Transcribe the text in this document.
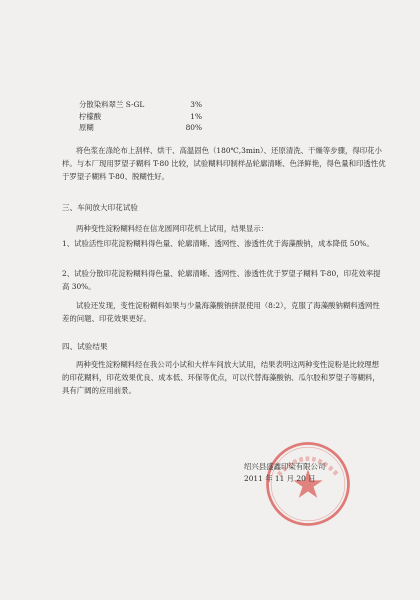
分散染料翠兰 S-GL	3%

柠檬酸	1%

原糊	80%

将色浆在涤纶布上刮样、烘干、高温固色（180℃,3min）、还原清洗、干燥等步骤，得印花小样。与本厂现用罗望子糊料 T-80 比较，试验糊料印制样品轮廓清晰、色泽鲜艳，得色量和印透性优于罗望子糊料 T-80、脱糊性好。

三、车间放大印花试验

两种变性淀粉糊料经在信龙圆网印花机上试用，结果显示：

1、试验活性印花淀粉糊料得色量、轮廓清晰、透网性、渗透性优于海藻酸钠，成本降低 50%。

2、试验分散印花淀粉糊料得色量、轮廓清晰、透网性、渗透性优于罗望子糊料 T-80，印花效率提高 30%。

试验还发现，变性淀粉糊料如果与少量海藻酸钠拼混使用（8:2），克服了海藻酸钠糊料透网性差的问题、印花效果更好。

四、试验结果

两种变性淀粉糊料经在我公司小试和大样车间放大试用，结果表明这两种变性淀粉是比较理想的印花糊料，印花效果优良、成本低、环保等优点，可以代替海藻酸钠、瓜尔胶和罗望子等糊料，具有广阔的应用前景。

绍兴县盛鑫印染有限公司

2011 年 11 月 20 日
